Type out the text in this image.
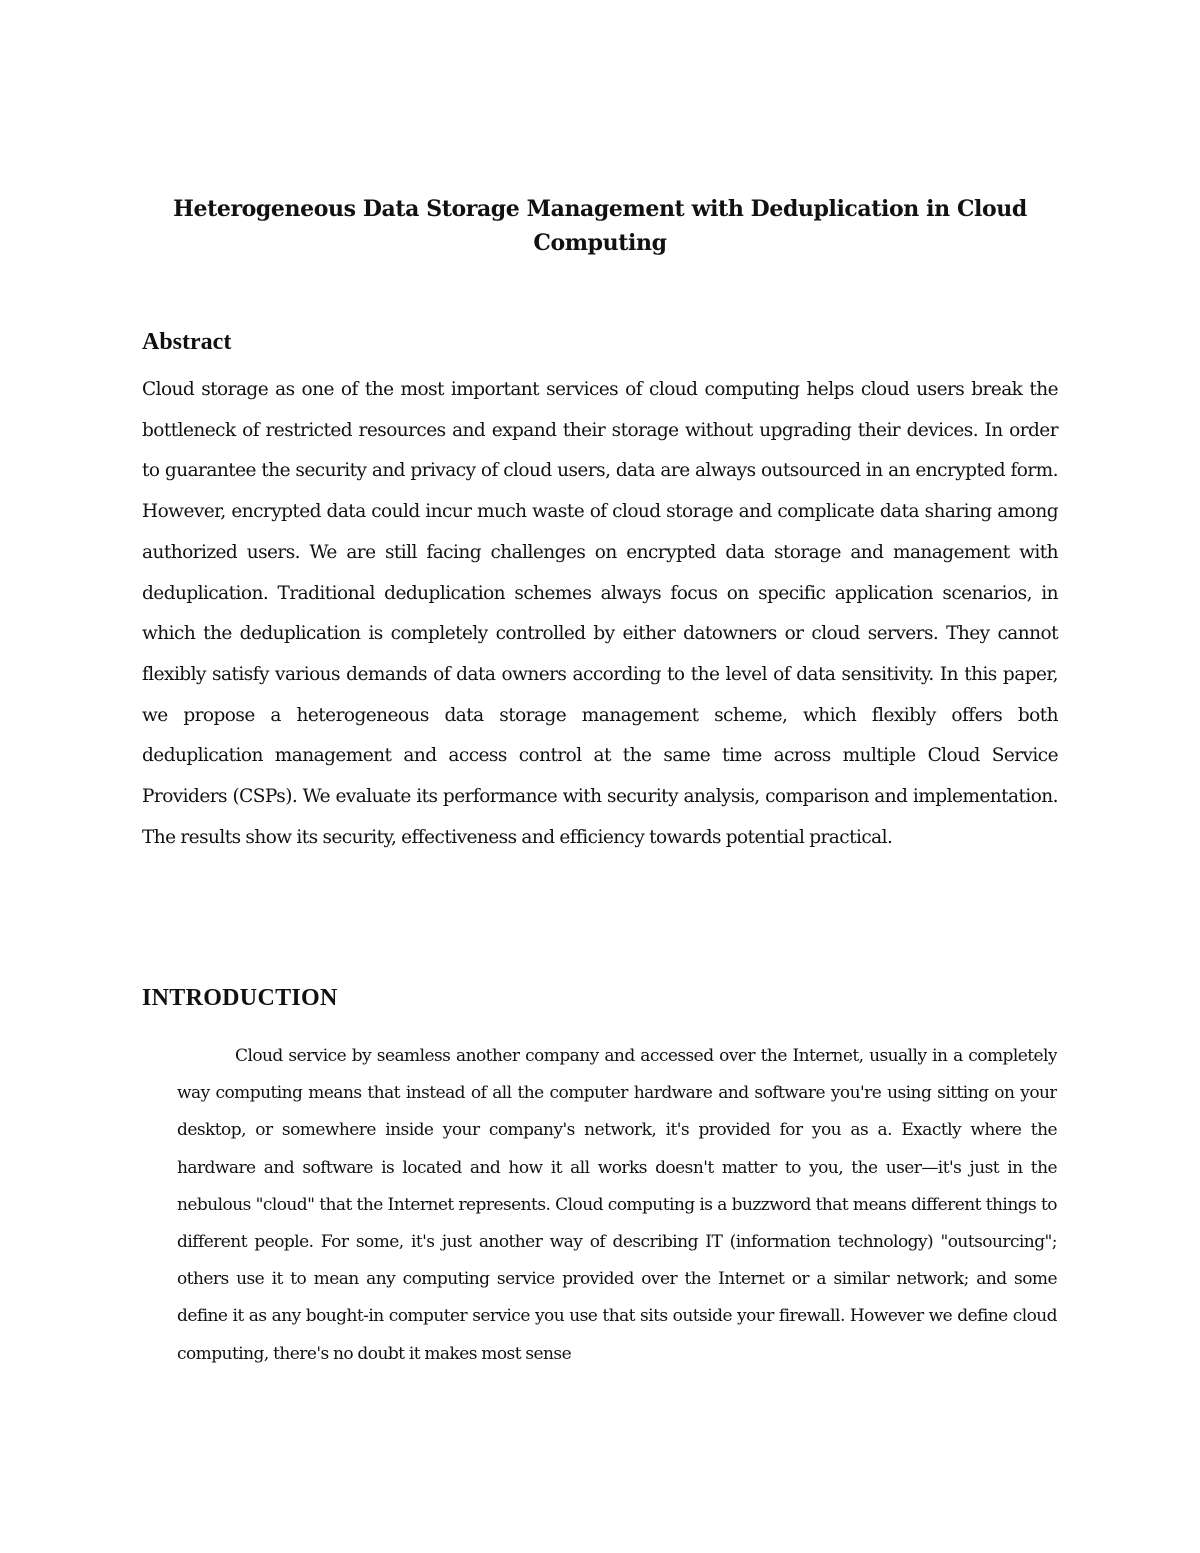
Heterogeneous Data Storage Management with Deduplication in Cloud Computing
Abstract

Cloud storage as one of the most important services of cloud computing helps cloud users break the bottleneck of restricted resources and expand their storage without upgrading their devices. In order to guarantee the security and privacy of cloud users, data are always outsourced in an encrypted form. However, encrypted data could incur much waste of cloud storage and complicate data sharing among authorized users. We are still facing challenges on encrypted data storage and management with deduplication. Traditional deduplication schemes always focus on specific application scenarios, in which the deduplication is completely controlled by either datowners or cloud servers. They cannot flexibly satisfy various demands of data owners according to the level of data sensitivity. In this paper, we propose a heterogeneous data storage management scheme, which flexibly offers both deduplication management and access control at the same time across multiple Cloud Service Providers (CSPs). We evaluate its performance with security analysis, comparison and implementation. The results show its security, effectiveness and efficiency towards potential practical.

INTRODUCTION

Cloud service by seamless another company and accessed over the Internet, usually in a completely way computing means that instead of all the computer hardware and software you're using sitting on your desktop, or somewhere inside your company's network, it's provided for you as a. Exactly where the hardware and software is located and how it all works doesn't matter to you, the user—it's just in the nebulous "cloud" that the Internet represents. Cloud computing is a buzzword that means different things to different people. For some, it's just another way of describing IT (information technology) "outsourcing"; others use it to mean any computing service provided over the Internet or a similar network; and some define it as any bought-in computer service you use that sits outside your firewall. However we define cloud computing, there's no doubt it makes most sense
